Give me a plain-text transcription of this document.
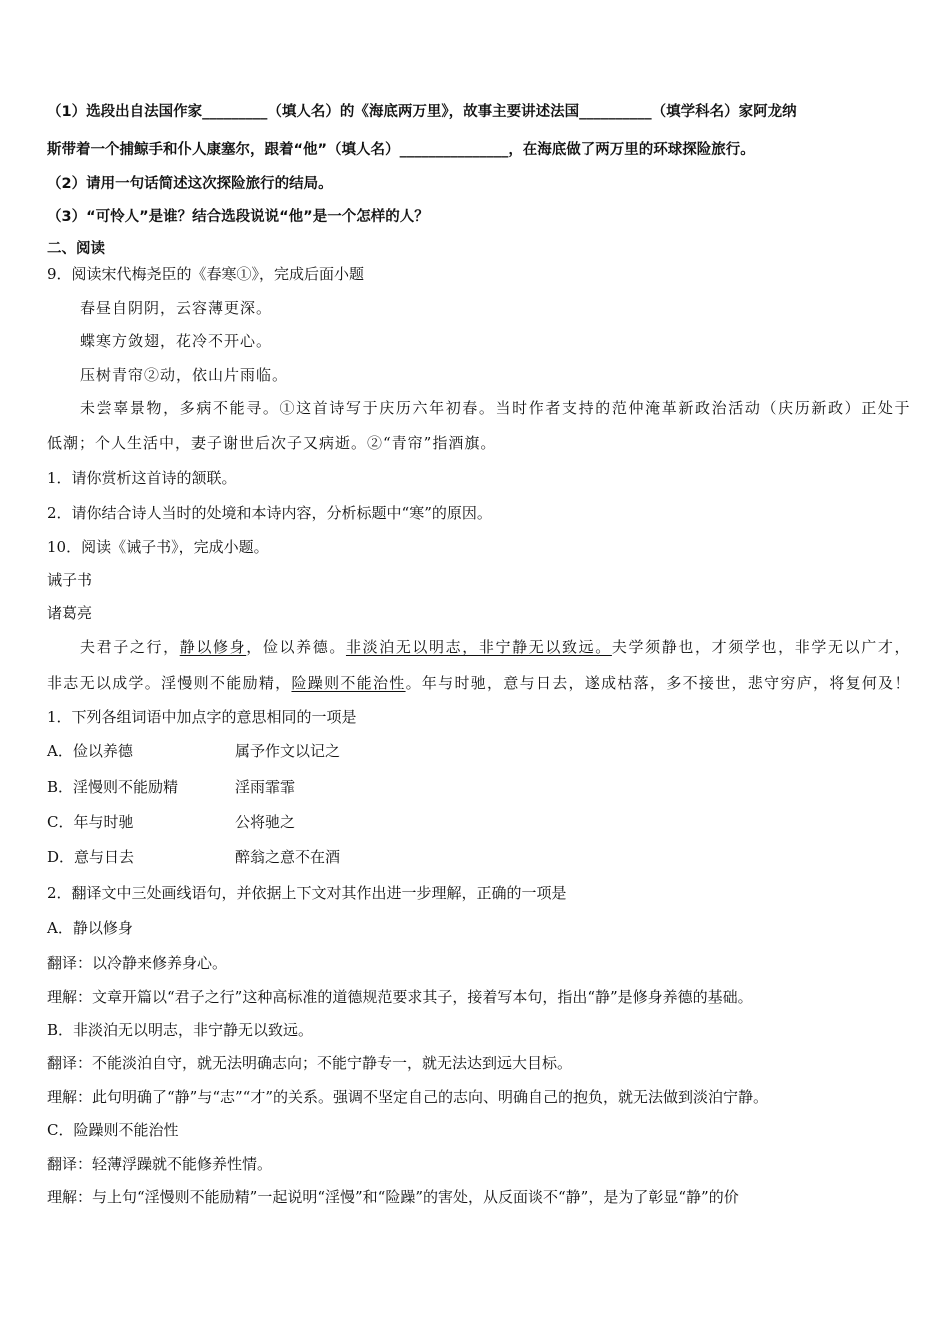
（1）选段出自法国作家_________（填人名）的《海底两万里》，故事主要讲述法国__________（填学科名）家阿龙纳
斯带着一个捕鲸手和仆人康塞尔，跟着“他”（填人名）_______________，在海底做了两万里的环球探险旅行。
（2）请用一句话简述这次探险旅行的结局。
（3）“可怜人”是谁？结合选段说说“他”是一个怎样的人？
二、阅读
9．阅读宋代梅尧臣的《春寒①》，完成后面小题
春昼自阴阴，云容薄更深。
蝶寒方敛翅，花冷不开心。
压树青帘②动，依山片雨临。
未尝辜景物，多病不能寻。①这首诗写于庆历六年初春。当时作者支持的范仲淹革新政治活动（庆历新政）正处于
低潮；个人生活中，妻子谢世后次子又病逝。②“青帘”指酒旗。
1．请你赏析这首诗的颔联。
2．请你结合诗人当时的处境和本诗内容，分析标题中“寒”的原因。
10．阅读《诫子书》，完成小题。
诫子书
诸葛亮
夫君子之行，静以修身，俭以养德。非淡泊无以明志，非宁静无以致远。夫学须静也，才须学也，非学无以广才，
非志无以成学。淫慢则不能励精，险躁则不能治性。年与时驰，意与日去，遂成枯落，多不接世，悲守穷庐，将复何及！
1．下列各组词语中加点字的意思相同的一项是
A．俭以养德	属予作文以记之
B．淫慢则不能励精	淫雨霏霏
C．年与时驰	公将驰之
D．意与日去	醉翁之意不在酒
2．翻译文中三处画线语句，并依据上下文对其作出进一步理解，正确的一项是
A．静以修身
翻译：以冷静来修养身心。
理解：文章开篇以“君子之行”这种高标准的道德规范要求其子，接着写本句，指出“静”是修身养德的基础。
B．非淡泊无以明志，非宁静无以致远。
翻译：不能淡泊自守，就无法明确志向；不能宁静专一，就无法达到远大目标。
理解：此句明确了“静”与“志”“才”的关系。强调不坚定自己的志向、明确自己的抱负，就无法做到淡泊宁静。
C．险躁则不能治性
翻译：轻薄浮躁就不能修养性情。
理解：与上句“淫慢则不能励精”一起说明“淫慢”和“险躁”的害处，从反面谈不“静”，是为了彰显“静”的价
